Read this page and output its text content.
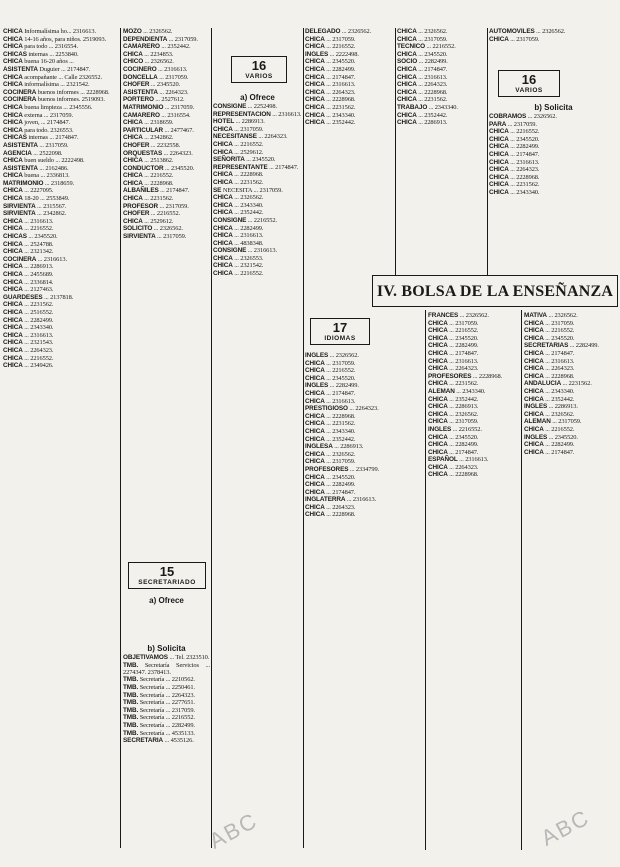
CHICA Informalísima ho... 2316613.

CHICA 14-16 años, para niños. 2519093.

CHICA para todo ... 2316554.

CHICAS internas ... 2253840.

CHICA buena 16-20 años ...

ASISTENTA Duguier ... 2174847.

CHICA acompañante ... Calle 2326552.

CHICA informalísima ... 2321542.

COCINERA buenos informes ... 2228968.

COCINERA buenos informes. 2519093.

CHICA buena limpieza ... 2345556.

CHICA externa ... 2317059.

CHICA joven, ... 2174847.

CHICA para todo. 2326553.

CHICAS internas ... 2174847.

ASISTENTA ... 2317059.

AGENCIA ... 2522098.

CHICA buen sueldo ... 2222498.

ASISTENTA ... 2162486.

CHICA buena ... 2336813.

MATRIMONIO ... 2318659.

CHICA ... 2227095.

CHICA 18-20 ... 2553849.

SIRVIENTA ... 2315567.

SIRVIENTA ... 2342862.

CHICA ... 2316613.

CHICA ... 2216552.

CHICAS ... 2345520.

CHICA ... 2524788.

CHICA ... 2321342.

COCINERA ... 2316613.

CHICA ... 2286913.

CHICA ... 2455689.

CHICA ... 2336814.

CHICA ... 2127463.

GUARDESES ... 2137818.

CHICA ... 2231562.

CHICA ... 2516552.

CHICA ... 2282499.

CHICA ... 2343340.

CHICA ... 2316613.

CHICA ... 2321543.

CHICA ... 2264323.

CHICA ... 2216552.

CHICA ... 2349426.

MOZO ... 2326562.

DEPENDIENTA ... 2317059.

CAMARERO ... 2352442.

CHICA ... 2234853.

CHICO ... 2326562.

COCINERO ... 2316613.

DONCELLA ... 2317059.

CHOFER ... 2345520.

ASISTENTA ... 2264323.

PORTERO ... 2527612.

MATRIMONIO ... 2317059.

CAMARERO ... 2316554.

CHICA ... 2318659.

PARTICULAR ... 2477467.

CHICA ... 2342862.

CHOFER ... 2232558.

ORQUESTAS ... 2264323.

CHICA ... 2513862.

CONDUCTOR ... 2345520.

CHICA ... 2216552.

CHICA ... 2228968.

ALBAÑILES ... 2174847.

CHICA ... 2231562.

PROFESOR ... 2317059.

CHOFER ... 2216552.

CHICA ... 2529612.

SOLICITO ... 2326562.

SIRVIENTA ... 2317059.

15
SECRETARIADO
a) Ofrece
b) Solicita

OBJETIVAMOS ... Tel. 2323510.

TMB. Secretaría Servicios ... 2274347. 2378413.

TMB. Secretaría ... 2210562.

TMB. Secretaría ... 2250461.

TMB. Secretaría ... 2264323.

TMB. Secretaría ... 2277651.

TMB. Secretaría ... 2317059.

TMB. Secretaría ... 2216552.

TMB. Secretaría ... 2282499.

TMB. Secretaría ... 4535133.

SECRETARIA ... 4535126.

16
VARIOS
a) Ofrece

CONSIGNE ... 2252498.

REPRESENTACION ... 2316613.

HOTEL ... 2286913.

CHICA ... 2317059.

NECESITANSE ... 2264323.

CHICA ... 2216552.

CHICA ... 2529612.

SEÑORITA ... 2345520.

REPRESENTANTE ... 2174847.

CHICA ... 2228968.

CHICA ... 2231562.

SE NECESITA ... 2317059.

CHICA ... 2326562.

CHICA ... 2343340.

CHICA ... 2352442.

CONSIGNE ... 2216552.

CHICA ... 2282499.

CHICA ... 2316613.

CHICA ... 4838348.

CONSIGNE ... 2316613.

CHICA ... 2326553.

CHICA ... 2321542.

CHICA ... 2216552.

DELEGADO ... 2326562.

CHICA ... 2317059.

CHICA ... 2216552.

INGLES ... 2222498.

CHICA ... 2345520.

CHICA ... 2282499.

CHICA ... 2174847.

CHICA ... 2316613.

CHICA ... 2264323.

CHICA ... 2228968.

CHICA ... 2231562.

CHICA ... 2343340.

CHICA ... 2352442.

CHICA ... 2326562.

CHICA ... 2317059.

TECNICO ... 2216552.

CHICA ... 2345520.

SOCIO ... 2282499.

CHICA ... 2174847.

CHICA ... 2316613.

CHICA ... 2264323.

CHICA ... 2228968.

CHICA ... 2231562.

TRABAJO ... 2343340.

CHICA ... 2352442.

CHICA ... 2286913.

AUTOMOVILES ... 2326562.

CHICA ... 2317059.

16
VARIOS
b) Solicita

COBRAMOS ... 2326562.

PARA ... 2317059.

CHICA ... 2216552.

CHICA ... 2345520.

CHICA ... 2282499.

CHICA ... 2174847.

CHICA ... 2316613.

CHICA ... 2264323.

CHICA ... 2228968.

CHICA ... 2231562.

CHICA ... 2343340.

IV. BOLSA DE LA ENSEÑANZA
17
IDIOMAS

INGLES ... 2326562.

CHICA ... 2317059.

CHICA ... 2216552.

CHICA ... 2345520.

INGLES ... 2282499.

CHICA ... 2174847.

CHICA ... 2316613.

PRESTIGIOSO ... 2264323.

CHICA ... 2228968.

CHICA ... 2231562.

CHICA ... 2343340.

CHICA ... 2352442.

INGLESA ... 2286913.

CHICA ... 2326562.

CHICA ... 2317059.

PROFESORES ... 2334799.

CHICA ... 2345520.

CHICA ... 2282499.

CHICA ... 2174847.

INGLATERRA ... 2316613.

CHICA ... 2264323.

CHICA ... 2228968.

FRANCES ... 2326562.

CHICA ... 2317059.

CHICA ... 2216552.

CHICA ... 2345520.

CHICA ... 2282499.

CHICA ... 2174847.

CHICA ... 2316613.

CHICA ... 2264323.

PROFESORES ... 2228968.

CHICA ... 2231562.

ALEMAN ... 2343340.

CHICA ... 2352442.

CHICA ... 2286913.

CHICA ... 2326562.

CHICA ... 2317059.

INGLES ... 2216552.

CHICA ... 2345520.

CHICA ... 2282499.

CHICA ... 2174847.

ESPAÑOL ... 2316613.

CHICA ... 2264323.

CHICA ... 2228968.

MATIVA ... 2326562.

CHICA ... 2317059.

CHICA ... 2216552.

CHICA ... 2345520.

SECRETARIAS ... 2282499.

CHICA ... 2174847.

CHICA ... 2316613.

CHICA ... 2264323.

CHICA ... 2228968.

ANDALUCIA ... 2231562.

CHICA ... 2343340.

CHICA ... 2352442.

INGLES ... 2286913.

CHICA ... 2326562.

ALEMAN ... 2317059.

CHICA ... 2216552.

INGLES ... 2345520.

CHICA ... 2282499.

CHICA ... 2174847.

ABC	ABC
